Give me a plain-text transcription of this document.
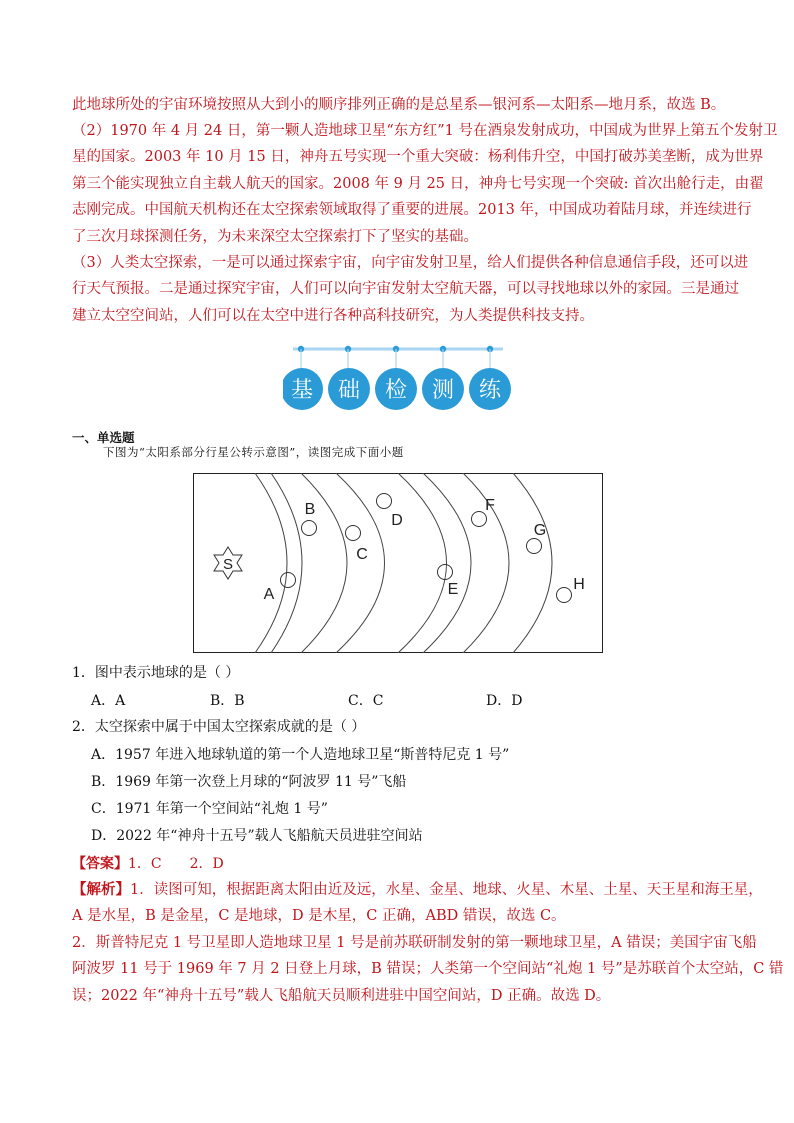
此地球所处的宇宙环境按照从大到小的顺序排列正确的是总星系—银河系—太阳系—地月系，故选 B。

（2）1970 年 4 月 24 日，第一颗人造地球卫星“东方红”1 号在酒泉发射成功，中国成为世界上第五个发射卫
星的国家。2003 年 10 月 15 日，神舟五号实现一个重大突破：杨利伟升空，中国打破苏美垄断，成为世界
第三个能实现独立自主载人航天的国家。2008 年 9 月 25 日，神舟七号实现一个突破: 首次出舱行走，由翟
志刚完成。中国航天机构还在太空探索领域取得了重要的进展。2013 年，中国成功着陆月球，并连续进行
了三次月球探测任务，为未来深空太空探索打下了坚实的基础。

（3）人类太空探索，一是可以通过探索宇宙，向宇宙发射卫星，给人们提供各种信息通信手段，还可以进
行天气预报。二是通过探究宇宙，人们可以向宇宙发射太空航天器，可以寻找地球以外的家园。三是通过
建立太空空间站，人们可以在太空中进行各种高科技研究，为人类提供科技支持。

基 础 检 测 练

一、单选题

下图为“太阳系部分行星公转示意图”，读图完成下面小题

S
A
B
C
D
E
F
G
H

1．图中表示地球的是（ ）

A．A	B．B	C．C	D．D

2．太空探索中属于中国太空探索成就的是（ ）

A．1957 年进入地球轨道的第一个人造地球卫星“斯普特尼克 1 号”

B．1969 年第一次登上月球的“阿波罗 11 号”飞船

C．1971 年第一个空间站“礼炮 1 号”

D．2022 年“神舟十五号”载人飞船航天员进驻空间站

【答案】1．C　　2．D

【解析】1．读图可知，根据距离太阳由近及远，水星、金星、地球、火星、木星、土星、天王星和海王星，
A 是水星，B 是金星，C 是地球，D 是木星，C 正确，ABD 错误，故选 C。
2．斯普特尼克 1 号卫星即人造地球卫星 1 号是前苏联研制发射的第一颗地球卫星，A 错误；美国宇宙飞船
阿波罗 11 号于 1969 年 7 月 2 日登上月球，B 错误；人类第一个空间站“礼炮 1 号”是苏联首个太空站，C 错
误；2022 年“神舟十五号”载人飞船航天员顺利进驻中国空间站，D 正确。故选 D。
